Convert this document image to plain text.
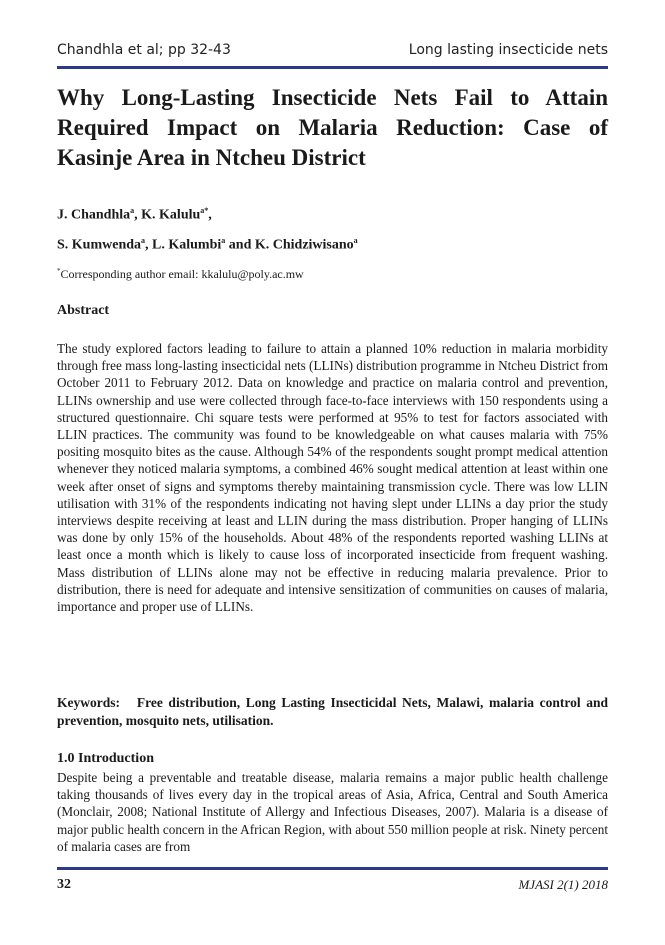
Chandhla et al; pp 32-43	Long lasting insecticide nets
Why Long-Lasting Insecticide Nets Fail to Attain Required Impact on Malaria Reduction: Case of Kasinje Area in Ntcheu District
J. Chandhla$^a$, K. Kalulu$^{a*}$,
S. Kumwenda$^a$, L. Kalumbi$^a$ and K. Chidziwisano$^a$
*Corresponding author email: kkalulu@poly.ac.mw
Abstract

The study explored factors leading to failure to attain a planned 10% reduction in malaria morbidity through free mass long-lasting insecticidal nets (LLINs) distribution programme in Ntcheu District from October 2011 to February 2012. Data on knowledge and practice on malaria control and prevention, LLINs ownership and use were collected through face-to-face interviews with 150 respondents using a structured questionnaire. Chi square tests were performed at 95% to test for factors associated with LLIN practices. The community was found to be knowledgeable on what causes malaria with 75% positing mosquito bites as the cause. Although 54% of the respondents sought prompt medical attention whenever they noticed malaria symptoms, a combined 46% sought medical attention at least within one week after onset of signs and symptoms thereby maintaining transmission cycle. There was low LLIN utilisation with 31% of the respondents indicating not having slept under LLINs a day prior the study interviews despite receiving at least and LLIN during the mass distribution. Proper hanging of LLINs was done by only 15% of the households. About 48% of the respondents reported washing LLINs at least once a month which is likely to cause loss of incorporated insecticide from frequent washing. Mass distribution of LLINs alone may not be effective in reducing malaria prevalence. Prior to distribution, there is need for adequate and intensive sensitization of communities on causes of malaria, importance and proper use of LLINs.

Keywords: Free distribution, Long Lasting Insecticidal Nets, Malawi, malaria control and prevention, mosquito nets, utilisation.

1.0 Introduction

Despite being a preventable and treatable disease, malaria remains a major public health challenge taking thousands of lives every day in the tropical areas of Asia, Africa, Central and South America (Monclair, 2008; National Institute of Allergy and Infectious Diseases, 2007). Malaria is a disease of major public health concern in the African Region, with about 550 million people at risk. Ninety percent of malaria cases are from

32	MJASI 2(1) 2018
